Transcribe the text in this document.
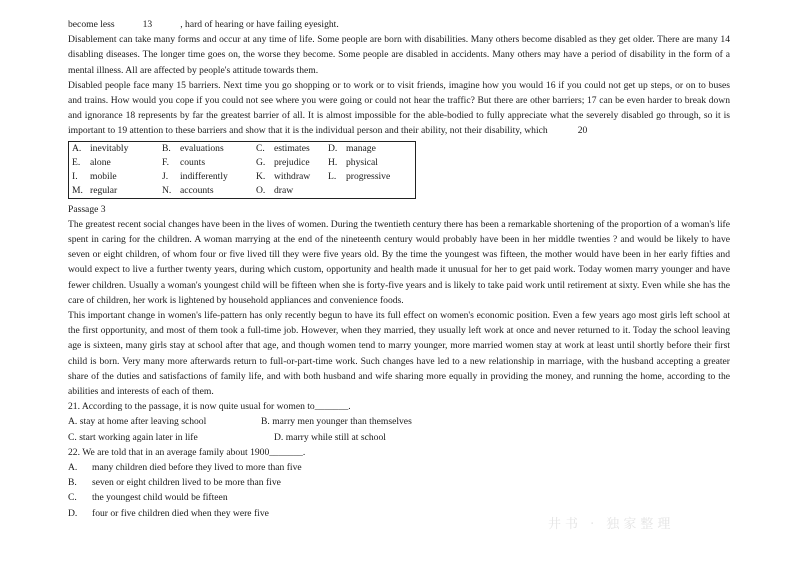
become less	13	, hard of hearing or have failing eyesight.
Disablement can take many forms and occur at any time of life. Some people are born with disabilities. Many others become disabled as they get older. There are many 14 disabling diseases. The longer time goes on, the worse they become. Some people are disabled in accidents. Many others may have a period of disability in the form of a mental illness. All are affected by people's attitude towards them.
Disabled people face many 15 barriers. Next time you go shopping or to work or to visit friends, imagine how you would 16 if you could not get up steps, or on to buses and trains. How would you cope if you could not see where you were going or could not hear the traffic? But there are other barriers; 17 can be even harder to break down and ignorance 18 represents by far the greatest barrier of all. It is almost impossible for the able-bodied to fully appreciate what the severely disabled go through, so it is important to 19 attention to these barriers and show that it is the individual person and their ability, not their disability, which	20
A.	inevitably	B.	evaluations	C.	estimates	D.	manage
E.	alone	F.	counts	G.	prejudice	H.	physical
I.	mobile	J.	indifferently	K.	withdraw	L.	progressive
M.	regular	N.	accounts	O.	draw		
Passage 3
The greatest recent social changes have been in the lives of women. During the twentieth century there has been a remarkable shortening of the proportion of a woman's life spent in caring for the children. A woman marrying at the end of the nineteenth century would probably have been in her middle twenties ? and would be likely to have seven or eight children, of whom four or five lived till they were five years old. By the time the youngest was fifteen, the mother would have been in her early fifties and would expect to live a further twenty years, during which custom, opportunity and health made it unusual for her to get paid work. Today women marry younger and have fewer children. Usually a woman's youngest child will be fifteen when she is forty-five years and is likely to take paid work until retirement at sixty. Even while she has the care of children, her work is lightened by household appliances and convenience foods.
This important change in women's life-pattern has only recently begun to have its full effect on women's economic position. Even a few years ago most girls left school at the first opportunity, and most of them took a full-time job. However, when they married, they usually left work at once and never returned to it. Today the school leaving age is sixteen, many girls stay at school after that age, and though women tend to marry younger, more married women stay at work at least until shortly before their first child is born. Very many more afterwards return to full-or-part-time work. Such changes have led to a new relationship in marriage, with the husband accepting a greater share of the duties and satisfactions of family life, and with both husband and wife sharing more equally in providing the money, and running the home, according to the abilities and interests of each of them.
21. According to the passage, it is now quite usual for women to_______.
A. stay at home after leaving school	B. marry men younger than themselves
C. start working again later in life	D. marry while still at school
22. We are told that in an average family about 1900_______.
A. many children died before they lived to more than five
B. seven or eight children lived to be more than five
C. the youngest child would be fifteen
D. four or five children died when they were five
井书 · 独家整理
